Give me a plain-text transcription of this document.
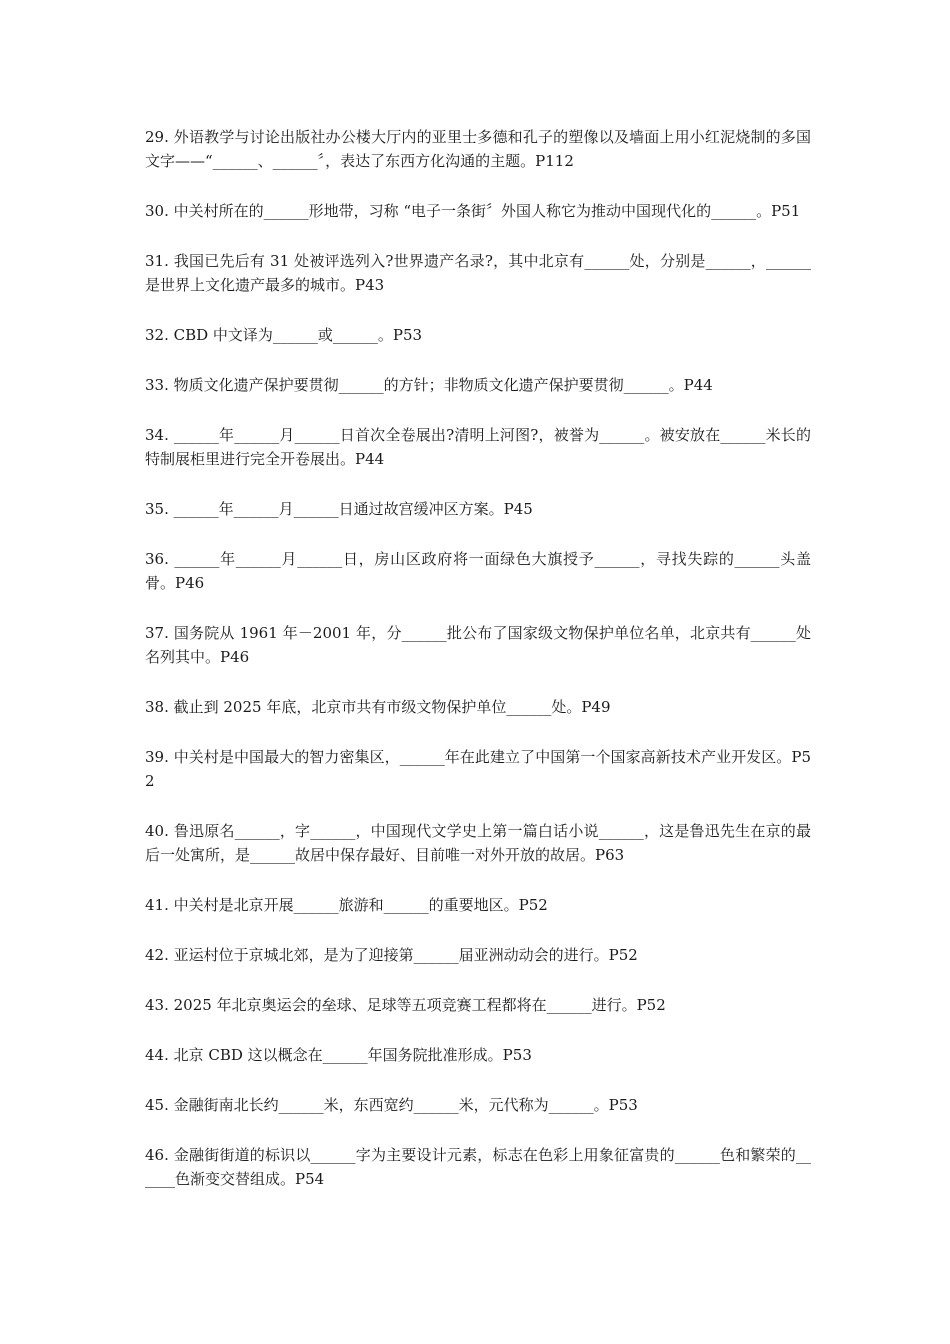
29. 外语教学与讨论出版社办公楼大厅内的亚里士多德和孔子的塑像以及墙面上用小红泥烧制的多国文字——“______、______〞，表达了东西方化沟通的主题。P112

30. 中关村所在的______形地带，习称 “电子一条街〞外国人称它为推动中国现代化的______。P51

31. 我国已先后有 31 处被评选列入?世界遗产名录?，其中北京有______处，分别是______，______是世界上文化遗产最多的城市。P43

32. CBD 中文译为______或______。P53

33. 物质文化遗产保护要贯彻______的方针；非物质文化遗产保护要贯彻______。P44

34. ______年______月______日首次全卷展出?清明上河图?，被誉为______。被安放在______米长的特制展柜里进行完全开卷展出。P44

35. ______年______月______日通过故宫缓冲区方案。P45

36. ______年______月______日，房山区政府将一面绿色大旗授予______，寻找失踪的______头盖骨。P46

37. 国务院从 1961 年－2001 年，分______批公布了国家级文物保护单位名单，北京共有______处名列其中。P46

38. 截止到 2025 年底，北京市共有市级文物保护单位______处。P49

39. 中关村是中国最大的智力密集区，______年在此建立了中国第一个国家高新技术产业开发区。P52

40. 鲁迅原名______，字______，中国现代文学史上第一篇白话小说______，这是鲁迅先生在京的最后一处寓所，是______故居中保存最好、目前唯一对外开放的故居。P63

41. 中关村是北京开展______旅游和______的重要地区。P52

42. 亚运村位于京城北郊，是为了迎接第______届亚洲动动会的进行。P52

43. 2025 年北京奥运会的垒球、足球等五项竞赛工程都将在______进行。P52

44. 北京 CBD 这以概念在______年国务院批准形成。P53

45. 金融街南北长约______米，东西宽约______米，元代称为______。P53

46. 金融街街道的标识以______字为主要设计元素，标志在色彩上用象征富贵的______色和繁荣的______色渐变交替组成。P54
